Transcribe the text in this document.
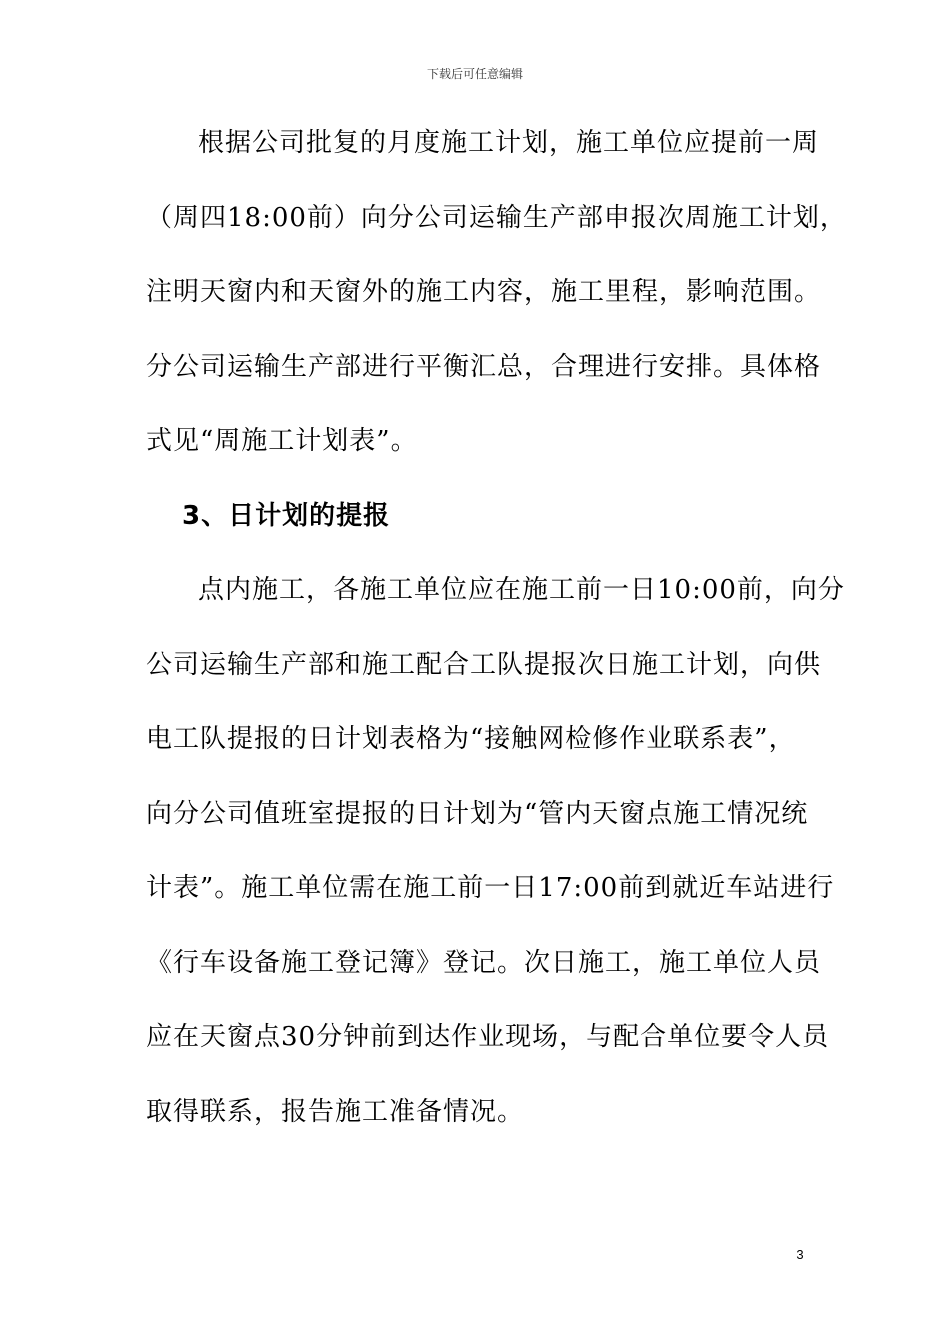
下载后可任意编辑
根据公司批复的月度施工计划，施工单位应提前一周
（周四18:00前）向分公司运输生产部申报次周施工计划，
注明天窗内和天窗外的施工内容，施工里程，影响范围。
分公司运输生产部进行平衡汇总，合理进行安排。具体格
式见“周施工计划表”。
3、日计划的提报
点内施工，各施工单位应在施工前一日10:00前，向分
公司运输生产部和施工配合工队提报次日施工计划，向供
电工队提报的日计划表格为“接触网检修作业联系表”，
向分公司值班室提报的日计划为“管内天窗点施工情况统
计表”。施工单位需在施工前一日17:00前到就近车站进行
《行车设备施工登记簿》登记。次日施工，施工单位人员
应在天窗点30分钟前到达作业现场，与配合单位要令人员
取得联系，报告施工准备情况。
3
